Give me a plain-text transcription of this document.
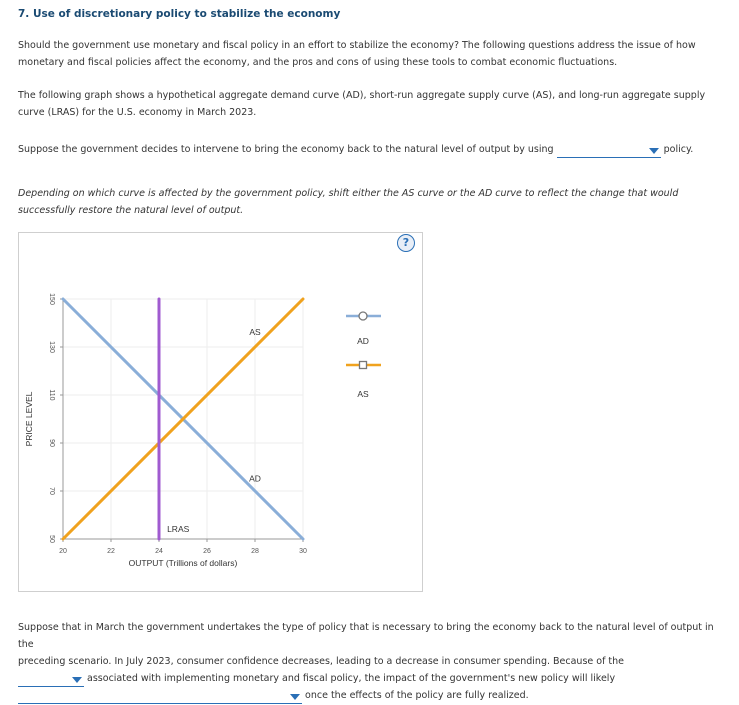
7. Use of discretionary policy to stabilize the economy
Should the government use monetary and fiscal policy in an effort to stabilize the economy? The following questions address the issue of how monetary and fiscal policies affect the economy, and the pros and cons of using these tools to combat economic fluctuations.
The following graph shows a hypothetical aggregate demand curve (AD), short-run aggregate supply curve (AS), and long-run aggregate supply curve (LRAS) for the U.S. economy in March 2023.
Suppose the government decides to intervene to bring the economy back to the natural level of output by using	policy.
Depending on which curve is affected by the government policy, shift either the AS curve or the AD curve to reflect the change that would successfully restore the natural level of output.
?
50
70
90
110
130
150
20	22	24	26	28	30
AD
AS
LRAS
OUTPUT (Trillions of dollars)
PRICE LEVEL
AD
AS
Suppose that in March the government undertakes the type of policy that is necessary to bring the economy back to the natural level of output in the
preceding scenario. In July 2023, consumer confidence decreases, leading to a decrease in consumer spending. Because of the
associated with implementing monetary and fiscal policy, the impact of the government's new policy will likely
once the effects of the policy are fully realized.
